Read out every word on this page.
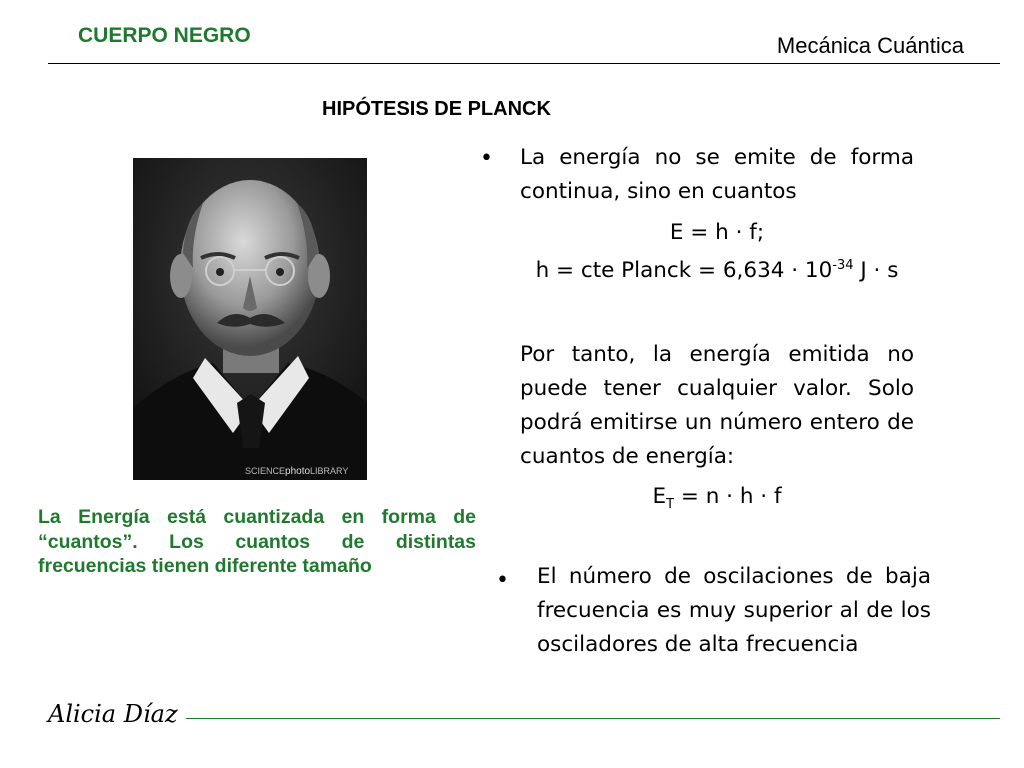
CUERPO NEGRO	Mecánica Cuántica
HIPÓTESIS DE PLANCK
SCIENCEphotoLIBRARY
La Energía está cuantizada en forma de “cuantos”. Los cuantos de distintas frecuencias tienen diferente tamaño
• La energía no se emite de forma continua, sino en cuantos
E = h · f;
h = cte Planck = $6,634 \cdot 10^{-34}$ J · s
Por tanto, la energía emitida no puede tener cualquier valor. Solo podrá emitirse un número entero de cuantos de energía:
$E_T = n \cdot h \cdot f$
• El número de oscilaciones de baja frecuencia es muy superior al de los osciladores de alta frecuencia
Alicia Díaz
